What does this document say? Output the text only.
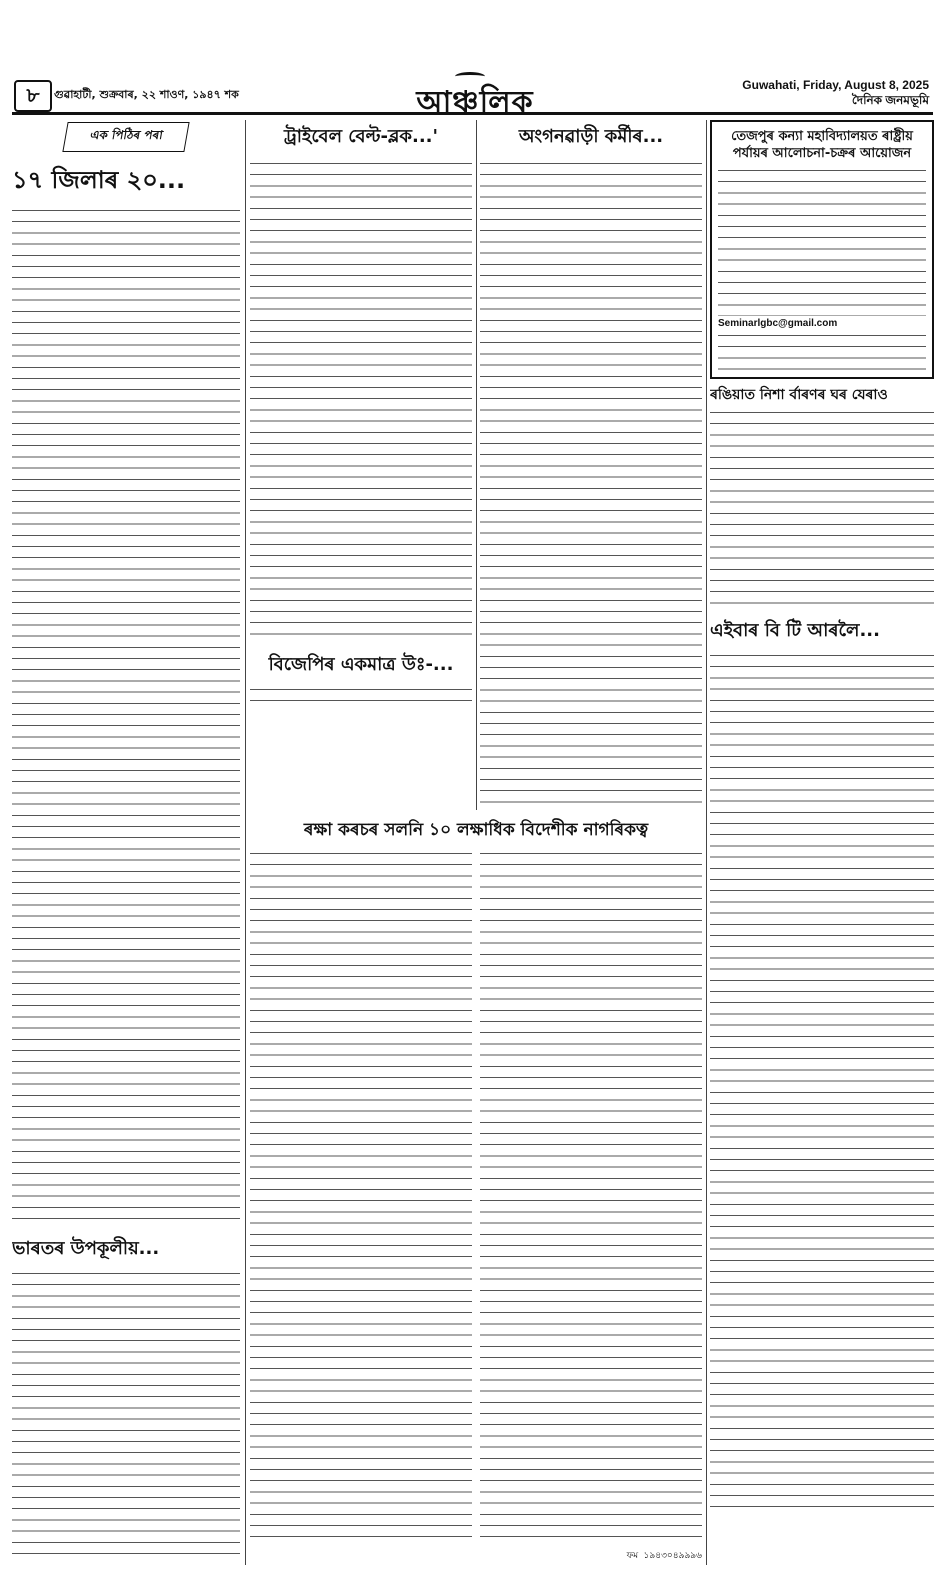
৮	গুৱাহাটী, শুক্ৰবাৰ, ২২ শাওণ, ১৯৪৭ শক	আঞ্চলিক	Guwahati, Friday, August 8, 2025
দৈনিক জনমভূমি
এক পিঠিৰ পৰা
১৭ জিলাৰ ২০...
ভাৰতৰ উপকূলীয়...
ট্ৰাইবেল বেল্ট-ব্লক...'
বিজেপিৰ একমাত্ৰ উঃ-...
অংগনৱাড়ী কৰ্মীৰ...
ৰক্ষা কৰচৰ সলনি ১০ লক্ষাধিক বিদেশীক নাগৰিকত্ব
তেজপুৰ কন্যা মহাবিদ্যালয়ত ৰাষ্ট্ৰীয় পৰ্যায়ৰ আলোচনা-চক্ৰৰ আয়োজন
Seminarlgbc@gmail.com
ৰঙিয়াত নিশা ৰ্বাৰণৰ ঘৰ যেৰাও
এইবাৰ বি টি আৰলৈ...
ফম ১৯৪৩০৪৯৯৯৬
